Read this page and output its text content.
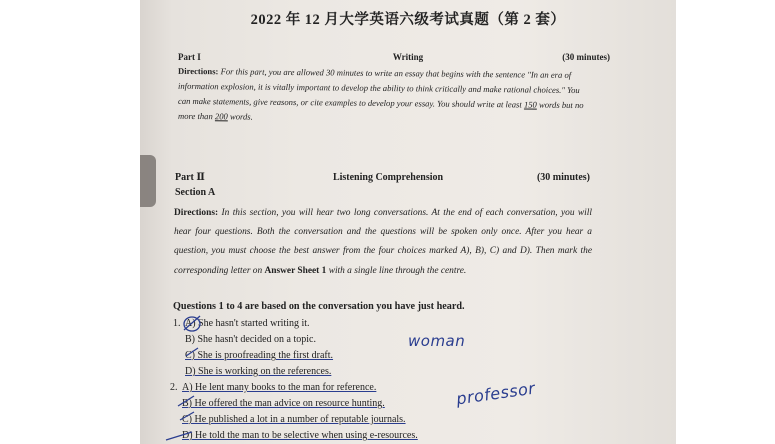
2022 年 12 月大学英语六级考试真题（第 2 套）
Part I	Writing	(30 minutes)
Directions: For this part, you are allowed 30 minutes to write an essay that begins with the sentence "In an era of information explosion, it is vitally important to develop the ability to think critically and make rational choices." You can make statements, give reasons, or cite examples to develop your essay. You should write at least 150 words but no more than 200 words.
Part Ⅱ	Listening Comprehension	(30 minutes)
Section A
Directions: In this section, you will hear two long conversations. At the end of each conversation, you will hear four questions. Both the conversation and the questions will be spoken only once. After you hear a question, you must choose the best answer from the four choices marked A), B), C) and D). Then mark the corresponding letter on Answer Sheet 1 with a single line through the centre.
Questions 1 to 4 are based on the conversation you have just heard.
1. A) She hasn't started writing it.
B) She hasn't decided on a topic.
C) She is proofreading the first draft.
D) She is working on the references.
2. A) He lent many books to the man for reference.
B) He offered the man advice on resource hunting.
C) He published a lot in a number of reputable journals.
D) He told the man to be selective when using e-resources.
woman
professor
